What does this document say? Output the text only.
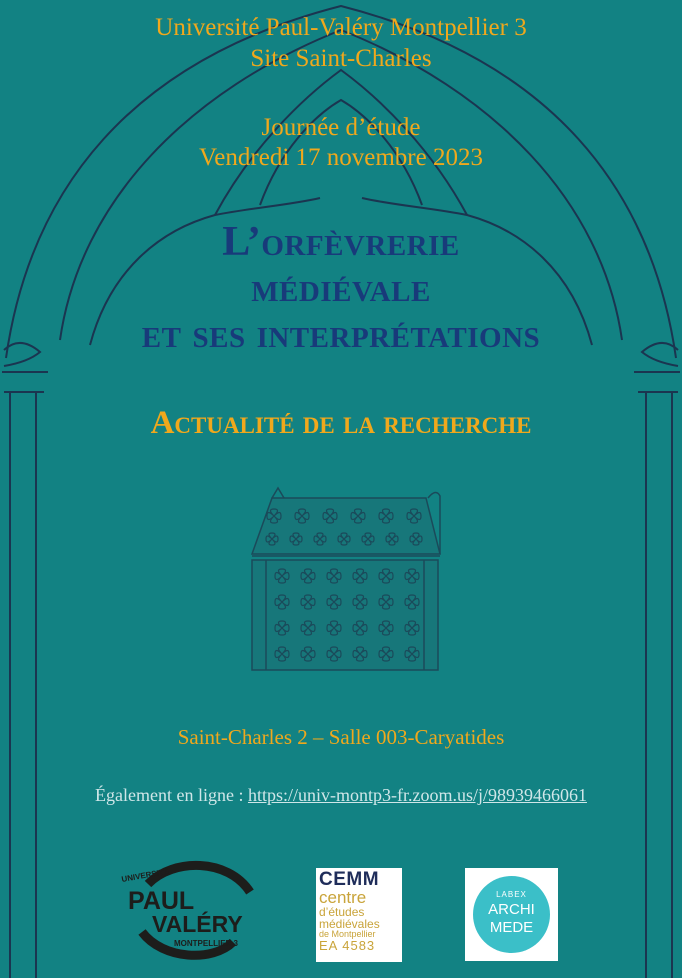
Université Paul-Valéry Montpellier 3

Site Saint-Charles

Journée d’étude

Vendredi 17 novembre 2023

L’orfèvrerie
médiévale
et ses interprétations
Actualité de la recherche

Saint-Charles 2 – Salle 003-Caryatides

Également en ligne : https://univ-montp3-fr.zoom.us/j/98939466061

UNIVERSITÉ
PAUL
VALÉRY
MONTPELLIER 3
CEMM
centre
d’études
médiévales
de Montpellier
EA 4583
LABEX
ARCHI
MEDE
